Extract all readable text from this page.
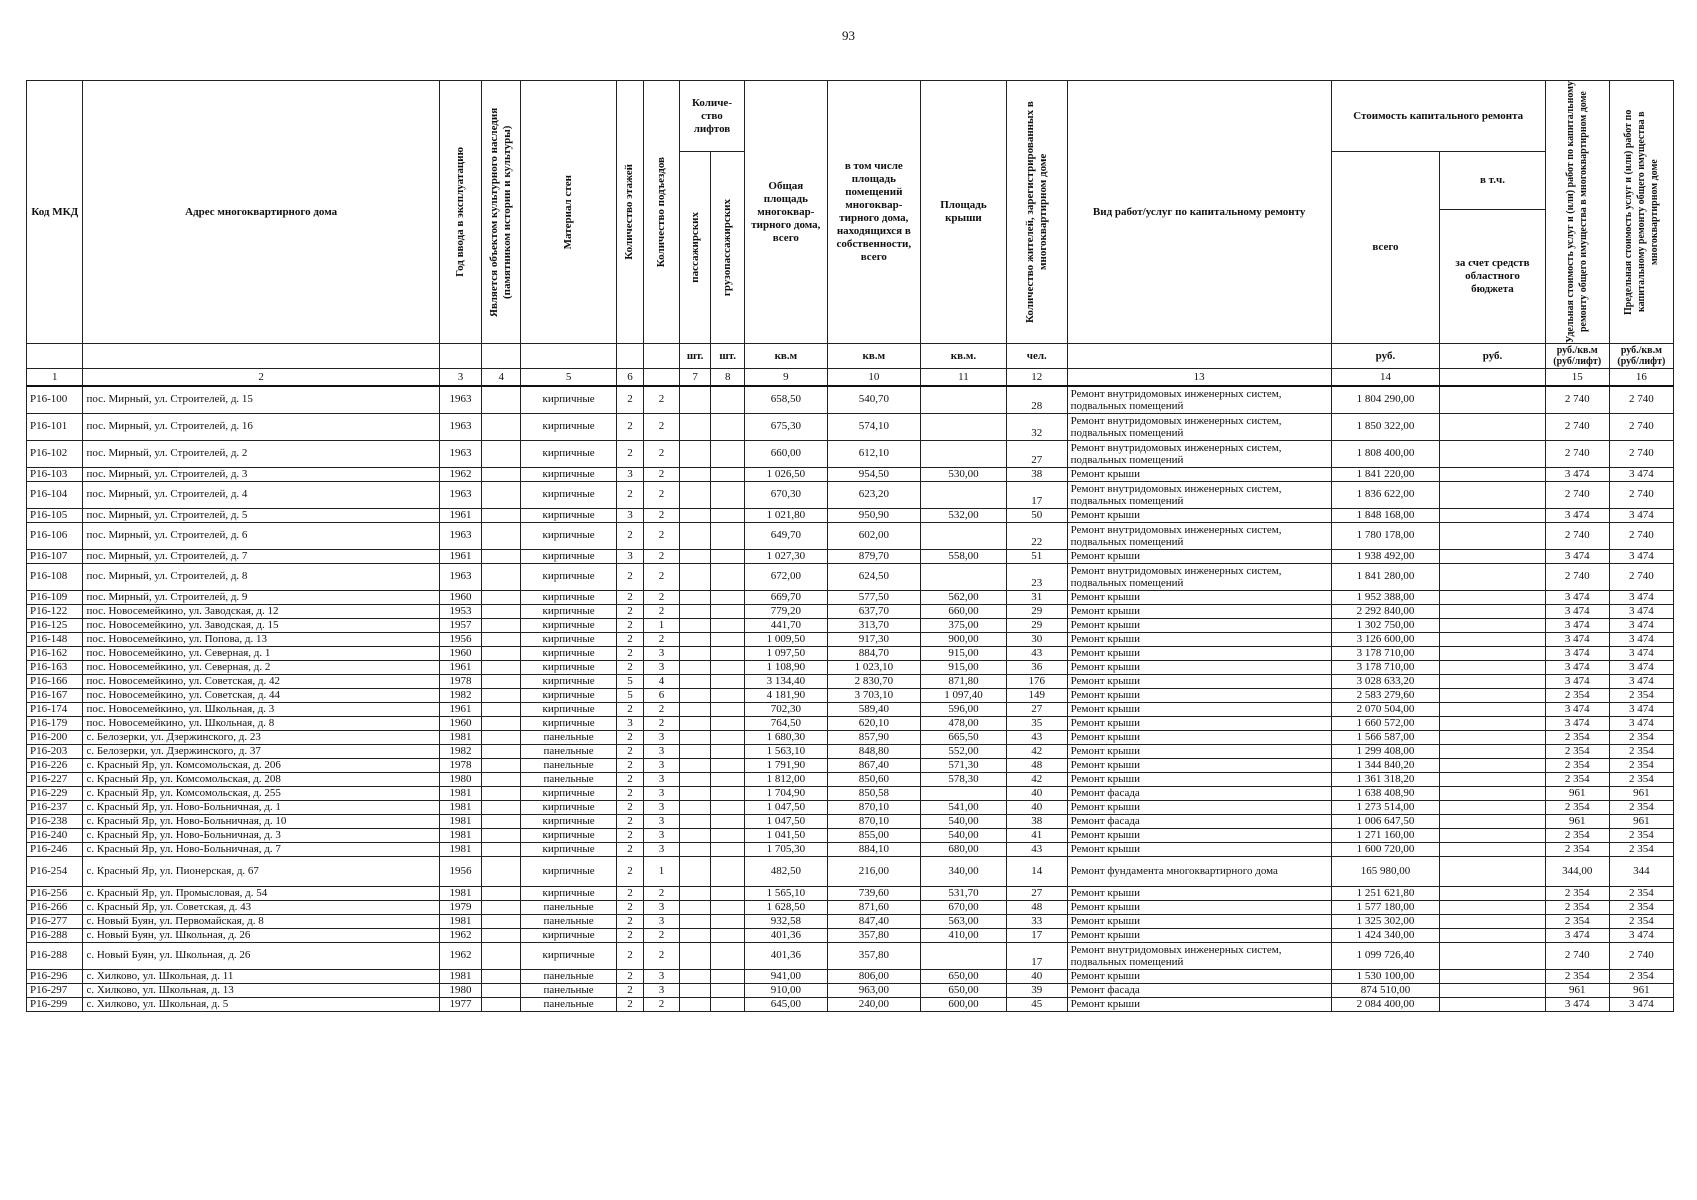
93
Код МКД	Адрес многоквартирного дома	Год ввода в эксплуатацию	Является объектом культурного наследия (памятником истории и культуры)	Материал стен	Количество этажей	Количество подъездов	Количе-ство лифтов		Общая площадь многоквар-тирного дома, всего	в том числе площадь помещений многоквар-тирного дома, находящихся в собственности, всего	Площадь крыши	Количество жителей, зарегистрированных в многоквартирном доме	Вид работ/услуг по капитальному ремонту	Стоимость капитального ремонта		Удельная стоимость услуг и (или) работ по капитальному ремонту общего имущества в многоквартирном доме	Предельная стоимость услуг и (или) работ по капитальному ремонту общего имущества в многоквартирном доме

							пассажирских	грузопассажирских						всего	в т.ч.		
															за счет средств областного бюджета		
							шт.	шт.	кв.м	кв.м	кв.м.	чел.		руб.	руб.	руб./кв.м (руб/лифт)	руб./кв.м (руб/лифт)
1	2	3	4	5	6		7	8	9	10	11	12	13	14		15	16
Р16-100	пос. Мирный, ул. Строителей, д. 15	1963		кирпичные	2	2			658,50	540,70		28	Ремонт внутридомовых инженерных систем, подвальных помещений	1 804 290,00		2 740	2 740
Р16-101	пос. Мирный, ул. Строителей, д. 16	1963		кирпичные	2	2			675,30	574,10		32	Ремонт внутридомовых инженерных систем, подвальных помещений	1 850 322,00		2 740	2 740
Р16-102	пос. Мирный, ул. Строителей, д. 2	1963		кирпичные	2	2			660,00	612,10		27	Ремонт внутридомовых инженерных систем, подвальных помещений	1 808 400,00		2 740	2 740
Р16-103	пос. Мирный, ул. Строителей, д. 3	1962		кирпичные	3	2			1 026,50	954,50	530,00	38	Ремонт крыши	1 841 220,00		3 474	3 474
Р16-104	пос. Мирный, ул. Строителей, д. 4	1963		кирпичные	2	2			670,30	623,20		17	Ремонт внутридомовых инженерных систем, подвальных помещений	1 836 622,00		2 740	2 740
Р16-105	пос. Мирный, ул. Строителей, д. 5	1961		кирпичные	3	2			1 021,80	950,90	532,00	50	Ремонт крыши	1 848 168,00		3 474	3 474
Р16-106	пос. Мирный, ул. Строителей, д. 6	1963		кирпичные	2	2			649,70	602,00		22	Ремонт внутридомовых инженерных систем, подвальных помещений	1 780 178,00		2 740	2 740
Р16-107	пос. Мирный, ул. Строителей, д. 7	1961		кирпичные	3	2			1 027,30	879,70	558,00	51	Ремонт крыши	1 938 492,00		3 474	3 474
Р16-108	пос. Мирный, ул. Строителей, д. 8	1963		кирпичные	2	2			672,00	624,50		23	Ремонт внутридомовых инженерных систем, подвальных помещений	1 841 280,00		2 740	2 740
Р16-109	пос. Мирный, ул. Строителей, д. 9	1960		кирпичные	2	2			669,70	577,50	562,00	31	Ремонт крыши	1 952 388,00		3 474	3 474
Р16-122	пос. Новосемейкино, ул. Заводская, д. 12	1953		кирпичные	2	2			779,20	637,70	660,00	29	Ремонт крыши	2 292 840,00		3 474	3 474
Р16-125	пос. Новосемейкино, ул. Заводская, д. 15	1957		кирпичные	2	1			441,70	313,70	375,00	29	Ремонт крыши	1 302 750,00		3 474	3 474
Р16-148	пос. Новосемейкино, ул. Попова, д. 13	1956		кирпичные	2	2			1 009,50	917,30	900,00	30	Ремонт крыши	3 126 600,00		3 474	3 474
Р16-162	пос. Новосемейкино, ул. Северная, д. 1	1960		кирпичные	2	3			1 097,50	884,70	915,00	43	Ремонт крыши	3 178 710,00		3 474	3 474
Р16-163	пос. Новосемейкино, ул. Северная, д. 2	1961		кирпичные	2	3			1 108,90	1 023,10	915,00	36	Ремонт крыши	3 178 710,00		3 474	3 474
Р16-166	пос. Новосемейкино, ул. Советская, д. 42	1978		кирпичные	5	4			3 134,40	2 830,70	871,80	176	Ремонт крыши	3 028 633,20		3 474	3 474
Р16-167	пос. Новосемейкино, ул. Советская, д. 44	1982		кирпичные	5	6			4 181,90	3 703,10	1 097,40	149	Ремонт крыши	2 583 279,60		2 354	2 354
Р16-174	пос. Новосемейкино, ул. Школьная, д. 3	1961		кирпичные	2	2			702,30	589,40	596,00	27	Ремонт крыши	2 070 504,00		3 474	3 474
Р16-179	пос. Новосемейкино, ул. Школьная, д. 8	1960		кирпичные	3	2			764,50	620,10	478,00	35	Ремонт крыши	1 660 572,00		3 474	3 474
Р16-200	с. Белозерки, ул. Дзержинского, д. 23	1981		панельные	2	3			1 680,30	857,90	665,50	43	Ремонт крыши	1 566 587,00		2 354	2 354
Р16-203	с. Белозерки, ул. Дзержинского, д. 37	1982		панельные	2	3			1 563,10	848,80	552,00	42	Ремонт крыши	1 299 408,00		2 354	2 354
Р16-226	с. Красный Яр, ул. Комсомольская, д. 206	1978		панельные	2	3			1 791,90	867,40	571,30	48	Ремонт крыши	1 344 840,20		2 354	2 354
Р16-227	с. Красный Яр, ул. Комсомольская, д. 208	1980		панельные	2	3			1 812,00	850,60	578,30	42	Ремонт крыши	1 361 318,20		2 354	2 354
Р16-229	с. Красный Яр, ул. Комсомольская, д. 255	1981		кирпичные	2	3			1 704,90	850,58		40	Ремонт фасада	1 638 408,90		961	961
Р16-237	с. Красный Яр, ул. Ново-Больничная, д. 1	1981		кирпичные	2	3			1 047,50	870,10	541,00	40	Ремонт крыши	1 273 514,00		2 354	2 354
Р16-238	с. Красный Яр, ул. Ново-Больничная, д. 10	1981		кирпичные	2	3			1 047,50	870,10	540,00	38	Ремонт фасада	1 006 647,50		961	961
Р16-240	с. Красный Яр, ул. Ново-Больничная, д. 3	1981		кирпичные	2	3			1 041,50	855,00	540,00	41	Ремонт крыши	1 271 160,00		2 354	2 354
Р16-246	с. Красный Яр, ул. Ново-Больничная, д. 7	1981		кирпичные	2	3			1 705,30	884,10	680,00	43	Ремонт крыши	1 600 720,00		2 354	2 354
Р16-254	с. Красный Яр, ул. Пионерская, д. 67	1956		кирпичные	2	1			482,50	216,00	340,00	14	Ремонт фундамента многоквартирного дома	165 980,00		344,00	344
Р16-256	с. Красный Яр, ул. Промысловая, д. 54	1981		кирпичные	2	2			1 565,10	739,60	531,70	27	Ремонт крыши	1 251 621,80		2 354	2 354
Р16-266	с. Красный Яр, ул. Советская, д. 43	1979		панельные	2	3			1 628,50	871,60	670,00	48	Ремонт крыши	1 577 180,00		2 354	2 354
Р16-277	с. Новый Буян, ул. Первомайская, д. 8	1981		панельные	2	3			932,58	847,40	563,00	33	Ремонт крыши	1 325 302,00		2 354	2 354
Р16-288	с. Новый Буян, ул. Школьная, д. 26	1962		кирпичные	2	2			401,36	357,80	410,00	17	Ремонт крыши	1 424 340,00		3 474	3 474
Р16-288	с. Новый Буян, ул. Школьная, д. 26	1962		кирпичные	2	2			401,36	357,80		17	Ремонт внутридомовых инженерных систем, подвальных помещений	1 099 726,40		2 740	2 740
Р16-296	с. Хилково, ул. Школьная, д. 11	1981		панельные	2	3			941,00	806,00	650,00	40	Ремонт крыши	1 530 100,00		2 354	2 354
Р16-297	с. Хилково, ул. Школьная, д. 13	1980		панельные	2	3			910,00	963,00	650,00	39	Ремонт фасада	874 510,00		961	961
Р16-299	с. Хилково, ул. Школьная, д. 5	1977		панельные	2	2			645,00	240,00	600,00	45	Ремонт крыши	2 084 400,00		3 474	3 474
